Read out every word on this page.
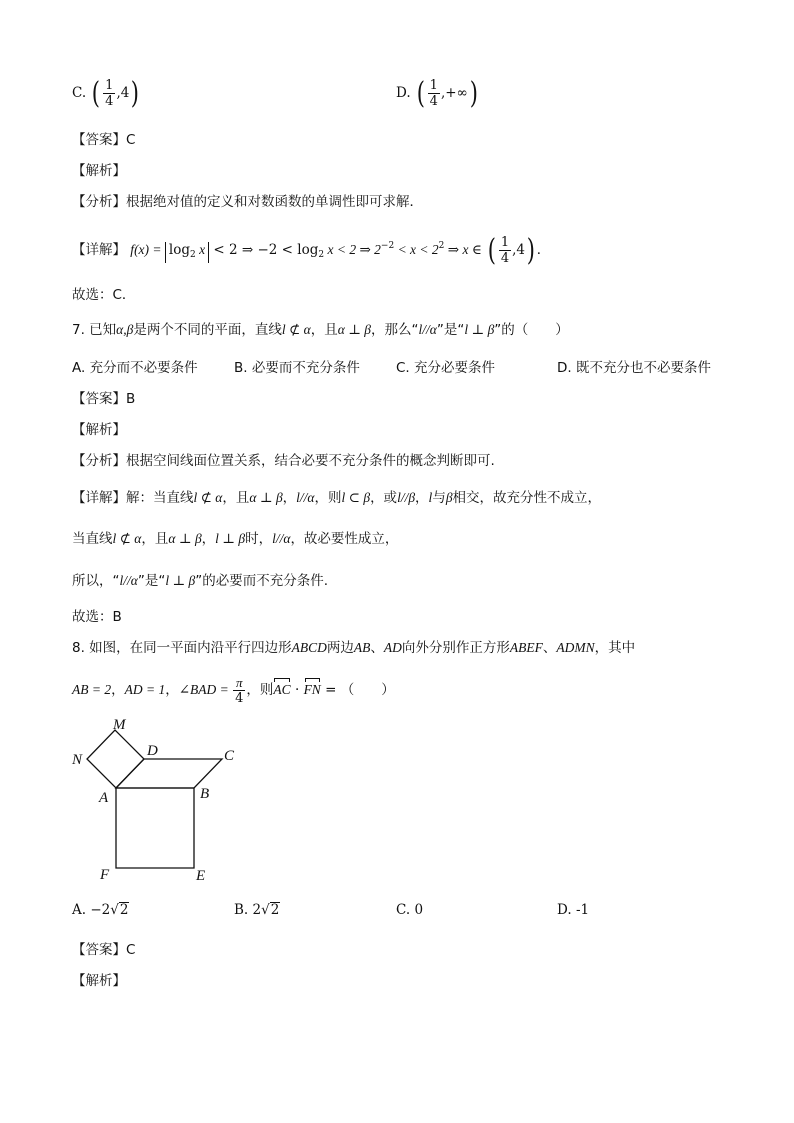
C. ( $\frac{1}{4} ,4$)	D. ( $\frac{1}{4}$ ,+∞)
【答案】C
【解析】
【分析】根据绝对值的定义和对数函数的单调性即可求解．
【详解】 $f(x) = \log_2 x < 2$ ⇒ $-2 < \log_2 x < 2$ ⇒ $2^{-2} < x < 2^2$ ⇒ x ∈ ( $\frac{1}{4} ,4$) ．
故选：C．
7. 已知α,β是两个不同的平面，直线l ⊄ α，且α ⊥ β，那么“l//α”是“l ⊥ β”的（　　）
A. 充分而不必要条件	B. 必要而不充分条件	C. 充分必要条件	D. 既不充分也不必要条件
【答案】B
【解析】
【分析】根据空间线面位置关系，结合必要不充分条件的概念判断即可.
【详解】解：当直线l ⊄ α，且α ⊥ β，l//α，则l ⊂ β，或l//β，l与β相交，故充分性不成立，
当直线l ⊄ α，且α ⊥ β，l ⊥ β时，l//α，故必要性成立，
所以，“l//α”是“l ⊥ β”的必要而不充分条件.
故选：B
8. 如图，在同一平面内沿平行四边形ABCD两边AB、AD向外分别作正方形ABEF、ADMN，其中
AB = 2，AD = 1，∠BAD = $\frac{\pi}{4}$ ，则AC · FN = （　　）
M
N
D	C
A	B
F	E
A. −2√2	B. 2√2	C. 0	D. -1
【答案】C
【解析】
